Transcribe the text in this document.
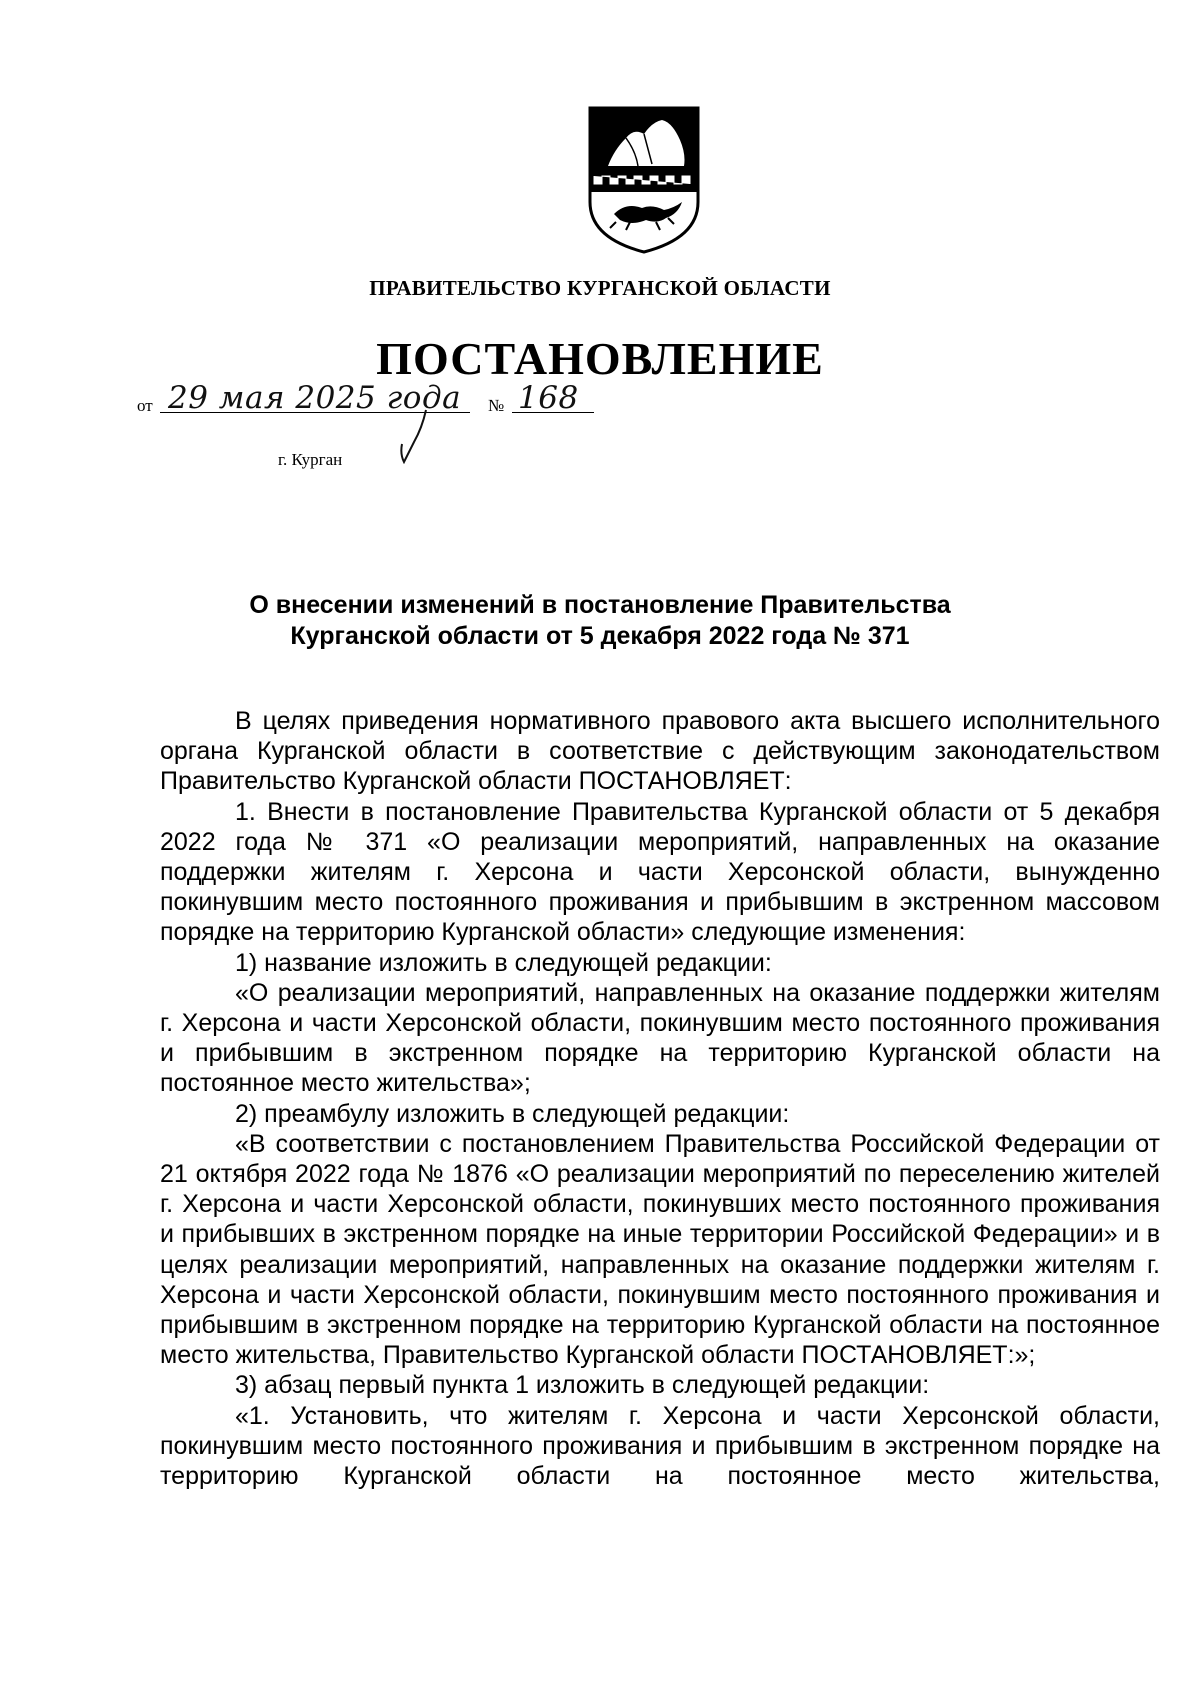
ПРАВИТЕЛЬСТВО КУРГАНСКОЙ ОБЛАСТИ
ПОСТАНОВЛЕНИЕ
от 29 мая 2025 года № 168
г. Курган
О внесении изменений в постановление Правительства
Курганской области от 5 декабря 2022 года № 371

В целях приведения нормативного правового акта высшего исполнительного органа Курганской области в соответствие с действующим законодательством Правительство Курганской области ПОСТАНОВЛЯЕТ:

1. Внести в постановление Правительства Курганской области от 5 декабря 2022 года № 371 «О реализации мероприятий, направленных на оказание поддержки жителям г. Херсона и части Херсонской области, вынужденно покинувшим место постоянного проживания и прибывшим в экстренном массовом порядке на территорию Курганской области» следующие изменения:

1) название изложить в следующей редакции:

«О реализации мероприятий, направленных на оказание поддержки жителям г. Херсона и части Херсонской области, покинувшим место постоянного проживания и прибывшим в экстренном порядке на территорию Курганской области на постоянное место жительства»;

2) преамбулу изложить в следующей редакции:

«В соответствии с постановлением Правительства Российской Федерации от 21 октября 2022 года № 1876 «О реализации мероприятий по переселению жителей г. Херсона и части Херсонской области, покинувших место постоянного проживания и прибывших в экстренном порядке на иные территории Российской Федерации» и в целях реализации мероприятий, направленных на оказание поддержки жителям г. Херсона и части Херсонской области, покинувшим место постоянного проживания и прибывшим в экстренном порядке на территорию Курганской области на постоянное место жительства, Правительство Курганской области ПОСТАНОВЛЯЕТ:»;

3) абзац первый пункта 1 изложить в следующей редакции:

«1. Установить, что жителям г. Херсона и части Херсонской области, покинувшим место постоянного проживания и прибывшим в экстренном порядке на территорию Курганской области на постоянное место жительства,
